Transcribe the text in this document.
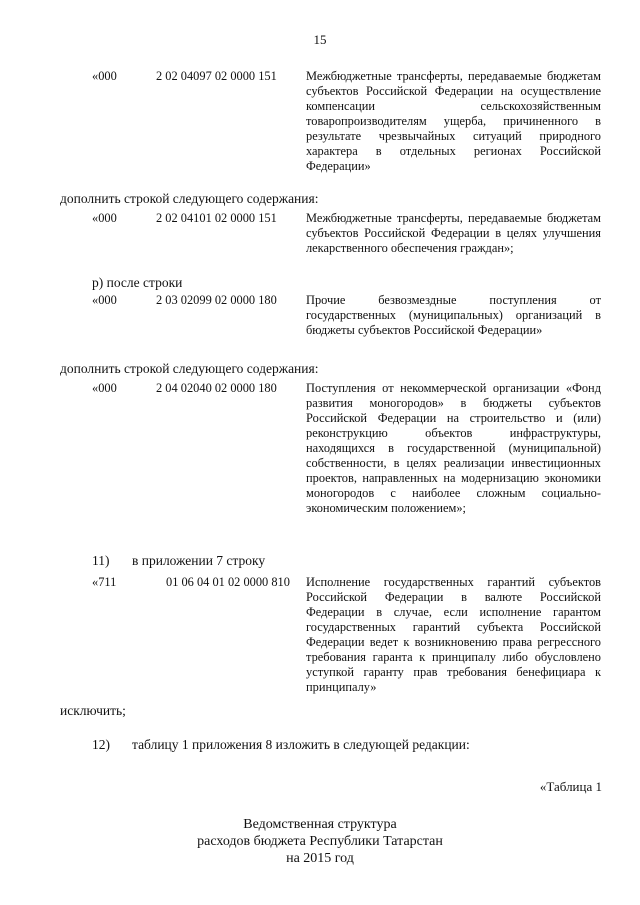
15
«000	2 02 04097 02 0000 151 Межбюджетные трансферты, передаваемые бюджетам субъектов Российской Федерации на осуществление компенсации сельскохозяйственным товаропроизводителям ущерба, причиненного в результате чрезвычайных ситуаций природного характера в отдельных регионах Российской Федерации»
дополнить строкой следующего содержания:
«000	2 02 04101 02 0000 151 Межбюджетные трансферты, передаваемые бюджетам субъектов Российской Федерации в целях улучшения лекарственного обеспечения граждан»;
р) после строки
«000	2 03 02099 02 0000 180 Прочие безвозмездные поступления от государственных (муниципальных) организаций в бюджеты субъектов Российской Федерации»
дополнить строкой следующего содержания:
«000	2 04 02040 02 0000 180 Поступления от некоммерческой организации «Фонд развития моногородов» в бюджеты субъектов Российской Федерации на строительство и (или) реконструкцию объектов инфраструктуры, находящихся в государственной (муниципальной) собственности, в целях реализации инвестиционных проектов, направленных на модернизацию экономики моногородов с наиболее сложным социально-экономическим положением»;
11) в приложении 7 строку
«711	01 06 04 01 02 0000 810 Исполнение государственных гарантий субъектов Российской Федерации в валюте Российской Федерации в случае, если исполнение гарантом государственных гарантий субъекта Российской Федерации ведет к возникновению права регрессного требования гаранта к принципалу либо обусловлено уступкой гаранту прав требования бенефициара к принципалу»
исключить;
12) таблицу 1 приложения 8 изложить в следующей редакции:
«Таблица 1
Ведомственная структура
расходов бюджета Республики Татарстан
на 2015 год
